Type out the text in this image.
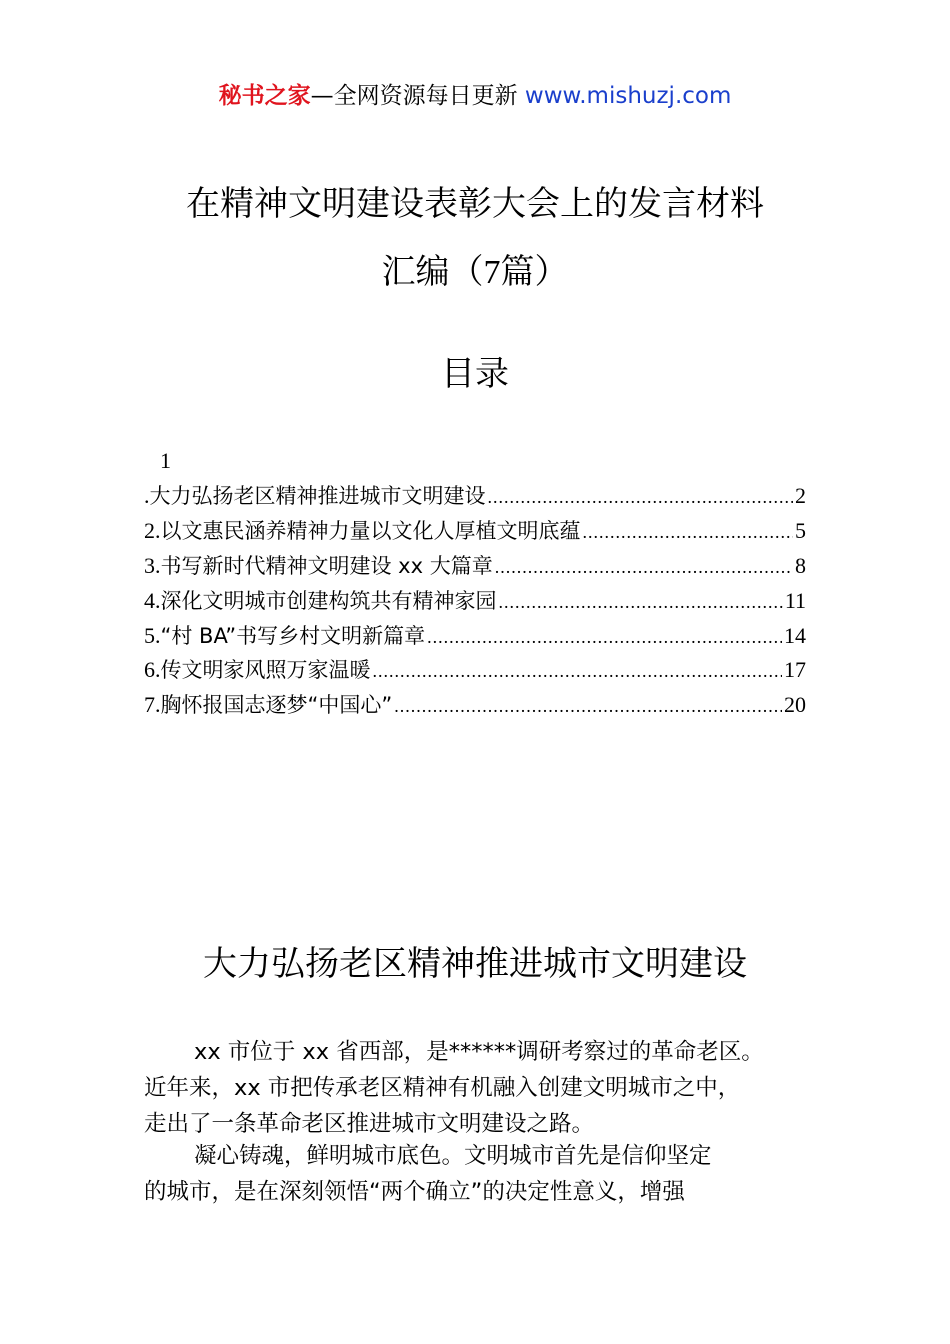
秘书之家—全网资源每日更新 www.mishuzj.com
在精神文明建设表彰大会上的发言材料
汇编（7篇）
目录
1
. 大力弘扬老区精神推进城市文明建设 .....	2
2. 以文惠民涵养精神力量以文化人厚植文明底蕴 .....	5
3. 书写新时代精神文明建设 xx 大篇章 .....	8
4. 深化文明城市创建构筑共有精神家园 .....	11
5. “村 BA”书写乡村文明新篇章 .....	14
6. 传文明家风照万家温暖 .....	17
7. 胸怀报国志逐梦“中国心” .....	20
大力弘扬老区精神推进城市文明建设
xx 市位于 xx 省西部，是******调研考察过的革命老区。
近年来，xx 市把传承老区精神有机融入创建文明城市之中，
走出了一条革命老区推进城市文明建设之路。
凝心铸魂，鲜明城市底色。文明城市首先是信仰坚定
的城市，是在深刻领悟“两个确立”的决定性意义，增强
